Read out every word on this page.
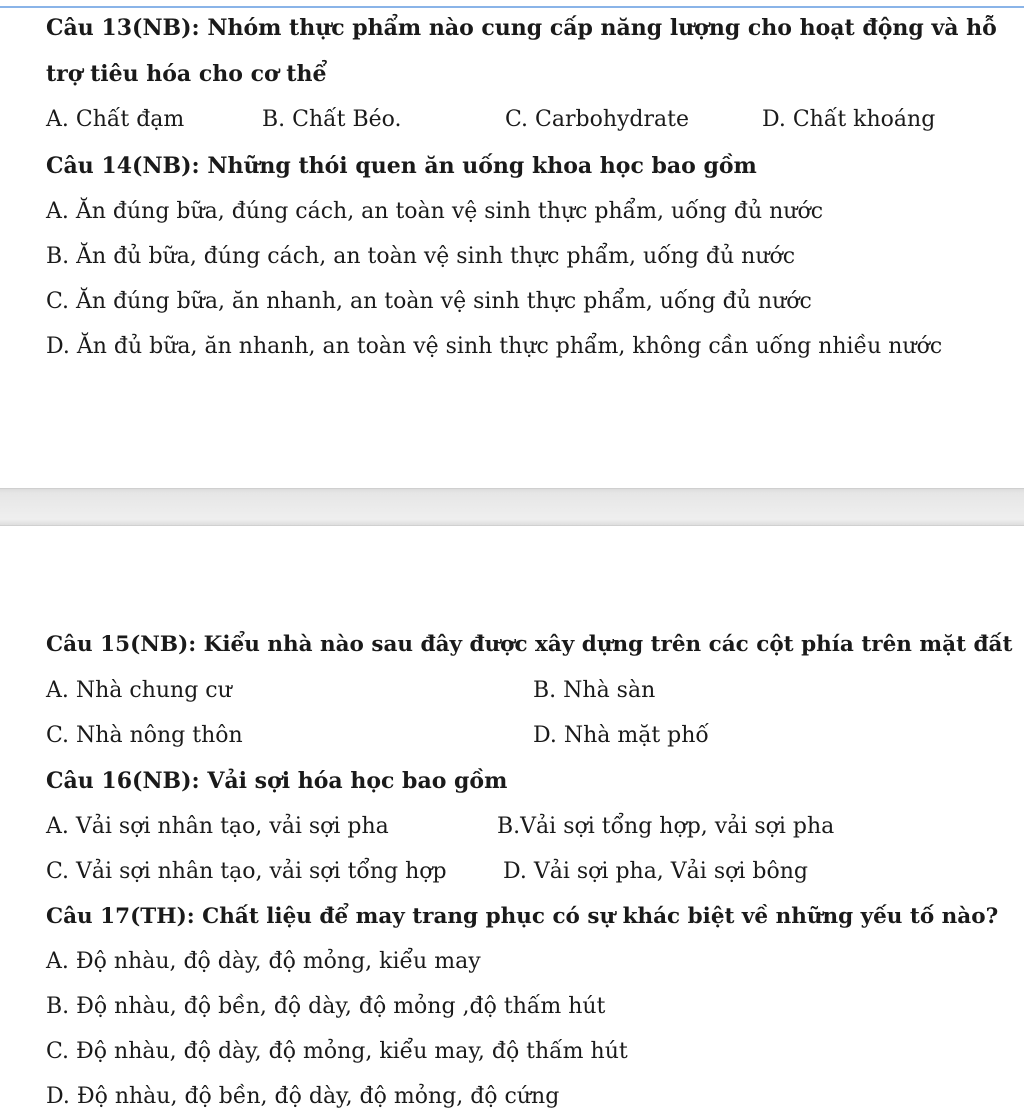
Câu 13(NB): Nhóm thực phẩm nào cung cấp năng lượng cho hoạt động và hỗ
trợ tiêu hóa cho cơ thể
A. Chất đạm	B. Chất Béo.	C. Carbohydrate	D. Chất khoáng
Câu 14(NB): Những thói quen ăn uống khoa học bao gồm
A. Ăn đúng bữa, đúng cách, an toàn vệ sinh thực phẩm, uống đủ nước
B. Ăn đủ bữa, đúng cách, an toàn vệ sinh thực phẩm, uống đủ nước
C. Ăn đúng bữa, ăn nhanh, an toàn vệ sinh thực phẩm, uống đủ nước
D. Ăn đủ bữa, ăn nhanh, an toàn vệ sinh thực phẩm, không cần uống nhiều nước
Câu 15(NB): Kiểu nhà nào sau đây được xây dựng trên các cột phía trên mặt đất
A. Nhà chung cư	B. Nhà sàn
C. Nhà nông thôn	D. Nhà mặt phố
Câu 16(NB): Vải sợi hóa học bao gồm
A. Vải sợi nhân tạo, vải sợi pha	B.Vải sợi tổng hợp, vải sợi pha
C. Vải sợi nhân tạo, vải sợi tổng hợp	D. Vải sợi pha, Vải sợi bông
Câu 17(TH): Chất liệu để may trang phục có sự khác biệt về những yếu tố nào?
A. Độ nhàu, độ dày, độ mỏng, kiểu may
B. Độ nhàu, độ bền, độ dày, độ mỏng ,độ thấm hút
C. Độ nhàu, độ dày, độ mỏng, kiểu may, độ thấm hút
D. Độ nhàu, độ bền, độ dày, độ mỏng, độ cứng
